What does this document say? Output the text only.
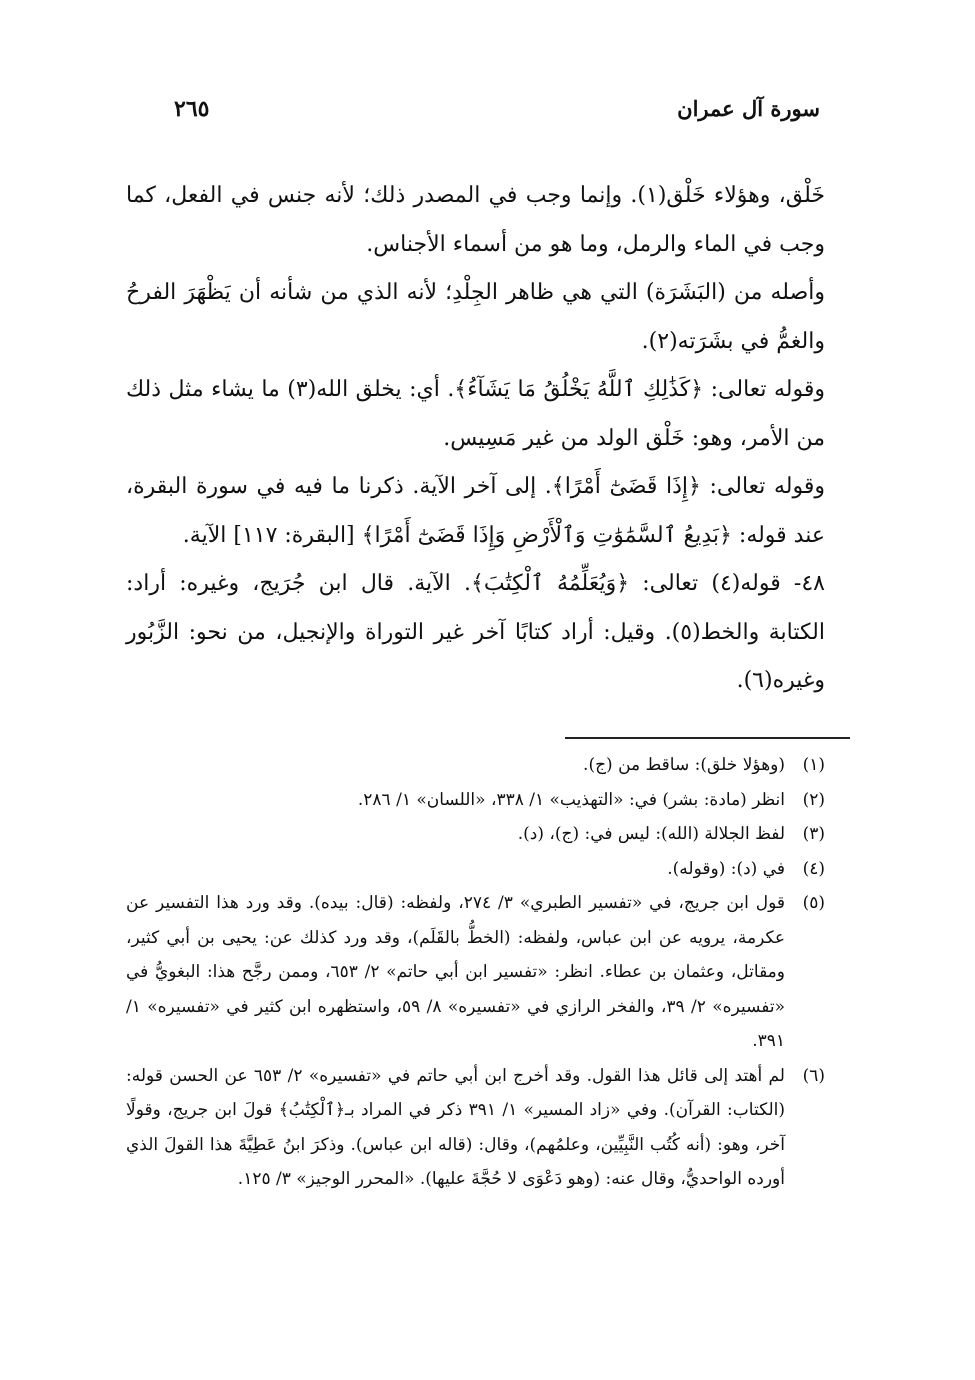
سورة آل عمران
٢٦٥

خَلْق، وهؤلاء خَلْق(١). وإنما وجب في المصدر ذلك؛ لأنه جنس في الفعل، كما وجب في الماء والرمل، وما هو من أسماء الأجناس.

وأصله من (البَشَرَة) التي هي ظاهر الجِلْدِ؛ لأنه الذي من شأنه أن يَظْهَرَ الفرحُ والغمُّ في بشَرَته(٢).

وقوله تعالى: ﴿كَذَٰلِكِ ٱللَّهُ يَخْلُقُ مَا يَشَآءُ﴾. أي: يخلق الله(٣) ما يشاء مثل ذلك من الأمر، وهو: خَلْق الولد من غير مَسِيس.

وقوله تعالى: ﴿إِذَا قَضَىٰٓ أَمْرًا﴾. إلى آخر الآية. ذكرنا ما فيه في سورة البقرة، عند قوله: ﴿بَدِيعُ ٱلسَّمَٰوَٰتِ وَٱلْأَرْضِ وَإِذَا قَضَىٰٓ أَمْرًا﴾ [البقرة: ١١٧] الآية.

٤٨- قوله(٤) تعالى: ﴿وَيُعَلِّمُهُ ٱلْكِتَٰبَ﴾. الآية. قال ابن جُرَيج، وغيره: أراد: الكتابة والخط(٥). وقيل: أراد كتابًا آخر غير التوراة والإنجيل، من نحو: الزَّبُور وغيره(٦).

(١)
(وهؤلا خلق): ساقط من (ج).
(٢)
انظر (مادة: بشر) في: «التهذيب» ١/ ٣٣٨، «اللسان» ١/ ٢٨٦.
(٣)
لفظ الجلالة (الله): ليس في: (ج)، (د).
(٤)
في (د): (وقوله).
(٥)
قول ابن جريج، في «تفسير الطبري» ٣/ ٢٧٤، ولفظه: (قال: بيده). وقد ورد هذا التفسير عن عكرمة، يرويه عن ابن عباس، ولفظه: (الخطُّ بالقَلَم)، وقد ورد كذلك عن: يحيى بن أبي كثير، ومقاتل، وعثمان بن عطاء. انظر: «تفسير ابن أبي حاتم» ٢/ ٦٥٣، وممن رجَّح هذا: البغويُّ في «تفسيره» ٢/ ٣٩، والفخر الرازي في «تفسيره» ٨/ ٥٩، واستظهره ابن كثير في «تفسيره» ١/ ٣٩١.
(٦)
لم أهتد إلى قائل هذا القول. وقد أخرج ابن أبي حاتم في «تفسيره» ٢/ ٦٥٣ عن الحسن قوله: (الكتاب: القرآن). وفي «زاد المسير» ١/ ٣٩١ ذكر في المراد بـ﴿ٱلْكِتَٰبُ﴾ قولَ ابن جريج، وقولًا آخر، وهو: (أنه كُتُب النَّبِيِّين، وعلمُهم)، وقال: (قاله ابن عباس). وذكرَ ابنُ عَطِيَّةَ هذا القولَ الذي أورده الواحديُّ، وقال عنه: (وهو دَعْوَى لا حُجَّةَ عليها). «المحرر الوجيز» ٣/ ١٢٥.
